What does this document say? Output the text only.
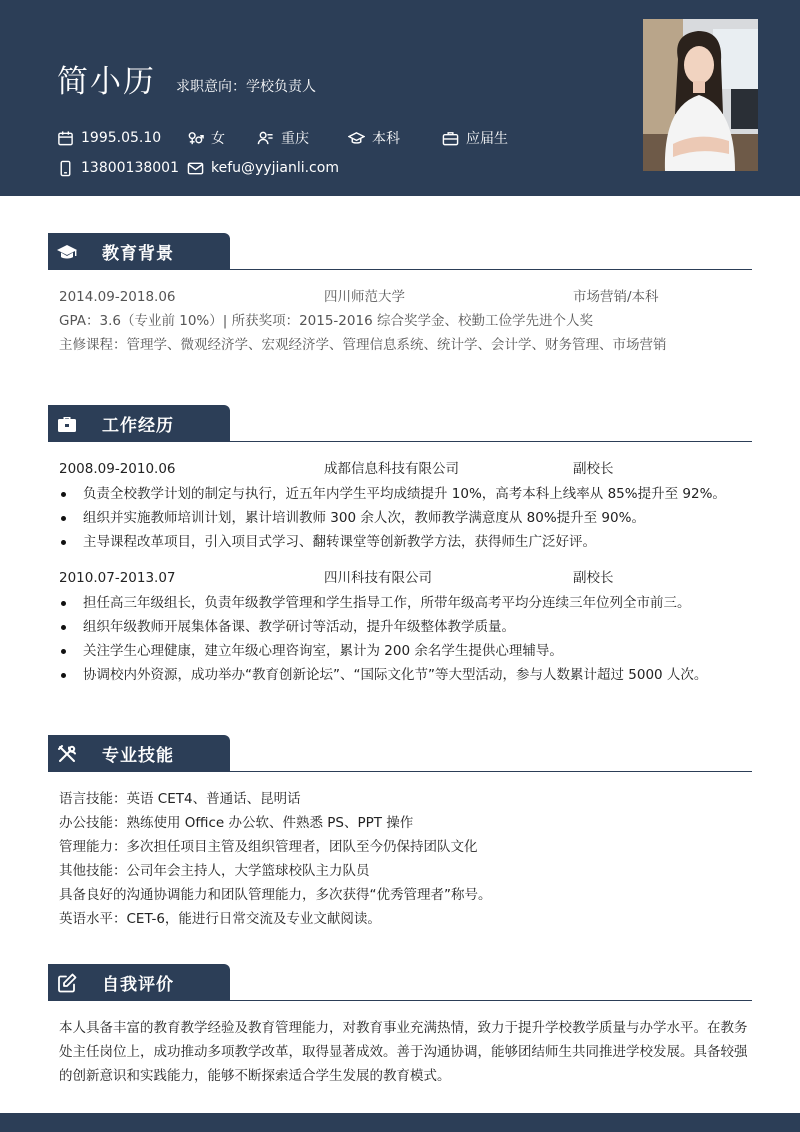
简小历 求职意向：学校负责人
1995.05.10	女	重庆	本科	应届生
13800138001 kefu@yyjianli.com
教育背景
2014.09-2018.06	四川师范大学	市场营销/本科
GPA：3.6（专业前 10%）| 所获奖项：2015-2016 综合奖学金、校勤工俭学先进个人奖
主修课程：管理学、微观经济学、宏观经济学、管理信息系统、统计学、会计学、财务管理、市场营销
工作经历
2008.09-2010.06	成都信息科技有限公司	副校长
负责全校教学计划的制定与执行，近五年内学生平均成绩提升 10%，高考本科上线率从 85%提升至 92%。
组织并实施教师培训计划，累计培训教师 300 余人次，教师教学满意度从 80%提升至 90%。
主导课程改革项目，引入项目式学习、翻转课堂等创新教学方法，获得师生广泛好评。
2010.07-2013.07	四川科技有限公司	副校长
担任高三年级组长，负责年级教学管理和学生指导工作，所带年级高考平均分连续三年位列全市前三。
组织年级教师开展集体备课、教学研讨等活动，提升年级整体教学质量。
关注学生心理健康，建立年级心理咨询室，累计为 200 余名学生提供心理辅导。
协调校内外资源，成功举办“教育创新论坛”、“国际文化节”等大型活动，参与人数累计超过 5000 人次。
专业技能
语言技能：英语 CET4、普通话、昆明话
办公技能：熟练使用 Office 办公软、件熟悉 PS、PPT 操作
管理能力：多次担任项目主管及组织管理者，团队至今仍保持团队文化
其他技能：公司年会主持人，大学篮球校队主力队员
具备良好的沟通协调能力和团队管理能力，多次获得“优秀管理者”称号。
英语水平：CET-6，能进行日常交流及专业文献阅读。
自我评价
本人具备丰富的教育教学经验及教育管理能力，对教育事业充满热情，致力于提升学校教学质量与办学水平。在教务处主任岗位上，成功推动多项教学改革，取得显著成效。善于沟通协调，能够团结师生共同推进学校发展。具备较强的创新意识和实践能力，能够不断探索适合学生发展的教育模式。
